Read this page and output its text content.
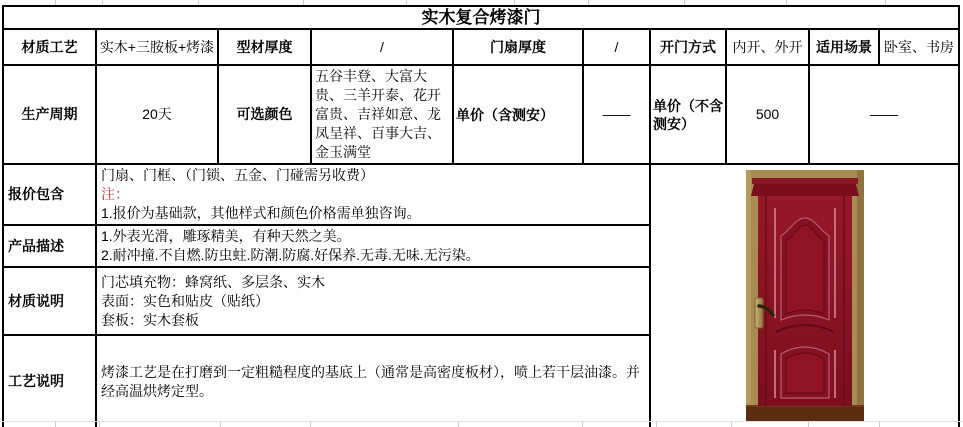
实木复合烤漆门									
材质工艺	实木+三胺板+烤漆	型材厚度	/	门扇厚度	/	开门方式	内开、外开	适用场景	卧室、书房
生产周期	20天	可选颜色	五谷丰登、大富大贵、三羊开泰、花开富贵、吉祥如意、龙凤呈祥、百事大吉、金玉满堂	单价（含测安）	——	单价（不含测安）	500	——	
报价包含	门扇、门框、（门锁、五金、门碰需另收费）
注：
1.报价为基础款，其他样式和颜色价格需单独咨询。

产品描述	1.外表光滑，雕琢精美，有种天然之美。
2.耐冲撞.不自燃.防虫蛀.防潮.防腐.好保养.无毒.无味.无污染。								

材质说明	门芯填充物：蜂窝纸、多层条、实木
表面：实色和贴皮（贴纸）
套板：实木套板								

工艺说明	烤漆工艺是在打磨到一定粗糙程度的基底上（通常是高密度板材），喷上若干层油漆。并经高温烘烤定型。								
